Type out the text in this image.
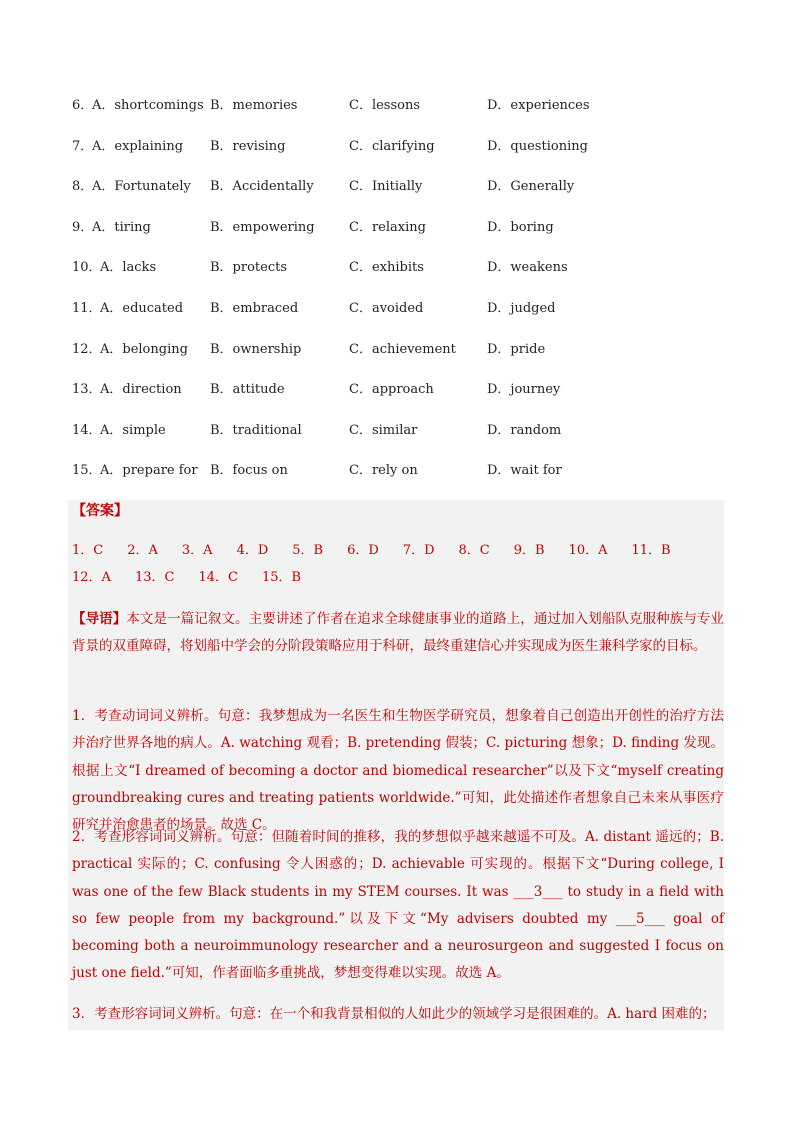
6．
A．shortcomings B．memories	C．lessons	D．experiences
7．
A．explaining B．revising	C．clarifying	D．questioning
8．
A．Fortunately B．Accidentally	C．Initially	D．Generally
9．
A．tiring	B．empowering	C．relaxing	D．boring
10．
A．lacks	B．protects	C．exhibits	D．weakens
11．
A．educated B．embraced	C．avoided	D．judged
12．
A．belonging B．ownership	C．achievement D．pride
13．
A．direction B．attitude	C．approach	D．journey
14．
A．simple	B．traditional	C．similar	D．random
15．
A．prepare for B．focus on	C．rely on	D．wait for
【答案】
1．C 2．A 3．A 4．D 5．B 6．D 7．D 8．C 9．B 10．A 11．B
12．A 13．C 14．C 15．B
【导语】本文是一篇记叙文。主要讲述了作者在追求全球健康事业的道路上，通过加入划船队克服种族与专业背景的双重障碍，将划船中学会的分阶段策略应用于科研，最终重建信心并实现成为医生兼科学家的目标。
1．考查动词词义辨析。句意：我梦想成为一名医生和生物医学研究员，想象着自己创造出开创性的治疗方法并治疗世界各地的病人。A. watching 观看；B. pretending 假装；C. picturing 想象；D. finding 发现。根据上文“I dreamed of becoming a doctor and biomedical researcher”以及下文“myself creating groundbreaking cures and treating patients worldwide.”可知，此处描述作者想象自己未来从事医疗研究并治愈患者的场景。故选 C。
2．考查形容词词义辨析。句意：但随着时间的推移，我的梦想似乎越来越遥不可及。A. distant 遥远的；B. practical 实际的；C. confusing 令人困惑的；D. achievable 可实现的。根据下文“During college, I was one of the few Black students in my STEM courses. It was ___3___ to study in a field with so few people from my background.”以及下文“My advisers doubted my ___5___ goal of becoming both a neuroimmunology researcher and a neurosurgeon and suggested I focus on just one field.”可知，作者面临多重挑战，梦想变得难以实现。故选 A。
3．考查形容词词义辨析。句意：在一个和我背景相似的人如此少的领域学习是很困难的。A. hard 困难的；
